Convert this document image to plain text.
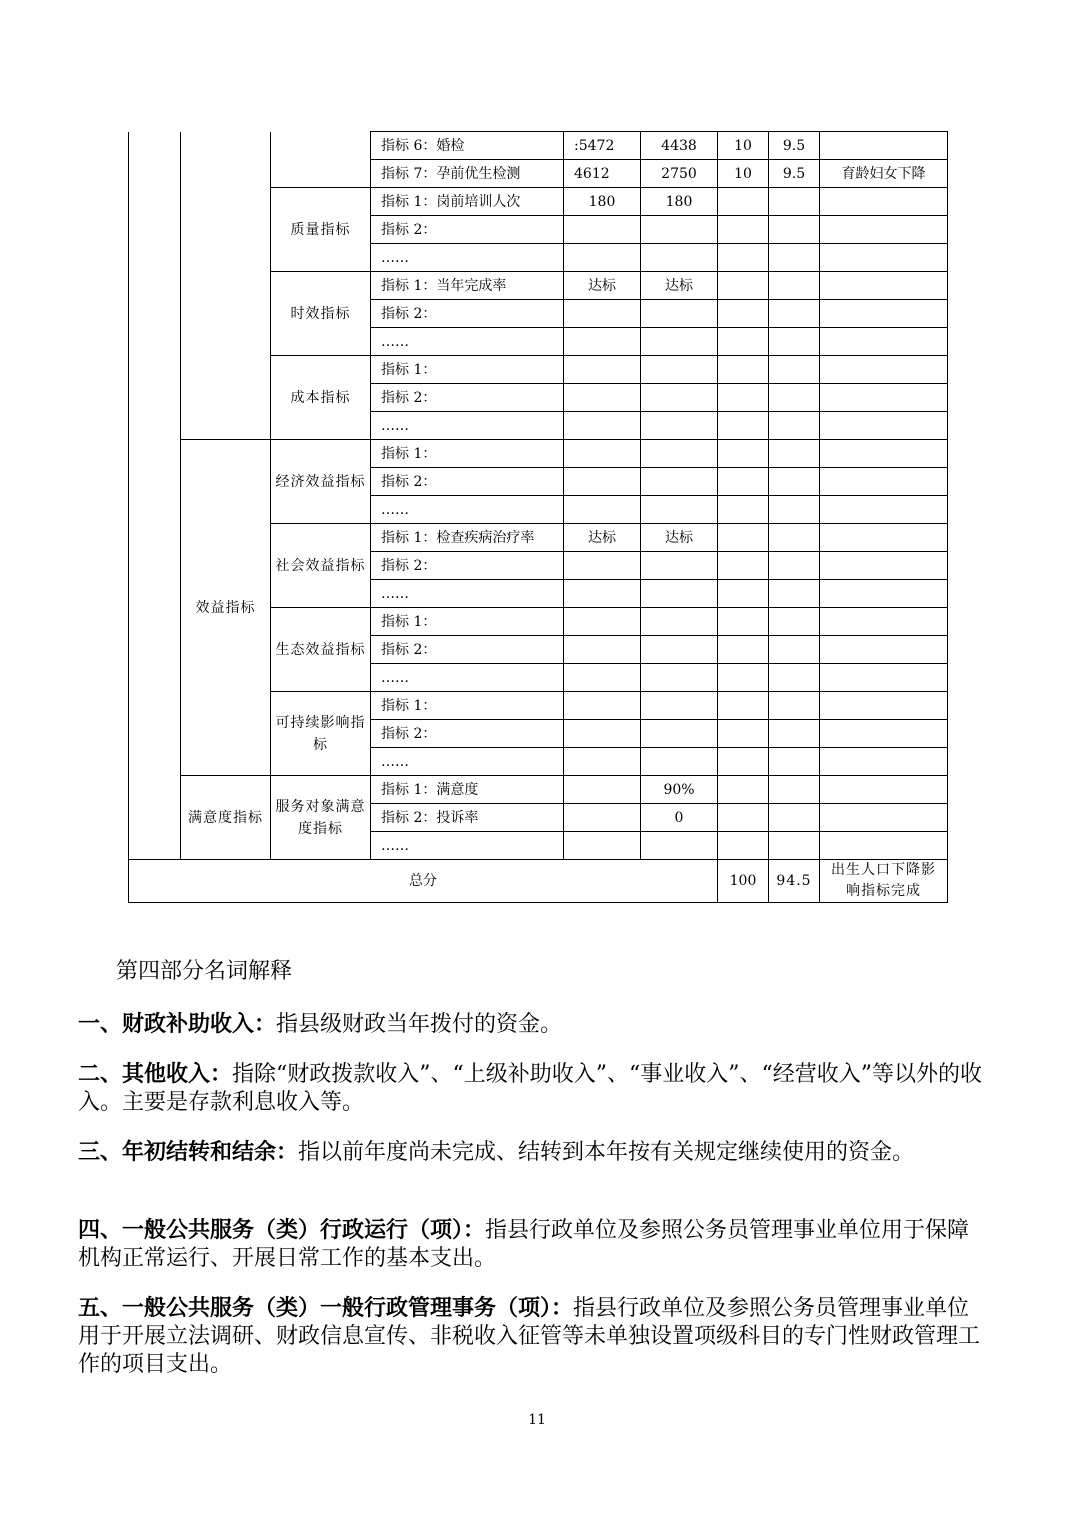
			指标 6：婚检	:5472	4438	10	9.5	
			指标 7：孕前优生检测	4612	2750	10	9.5	育龄妇女下降
		质量指标	指标 1：岗前培训人次	180	180			
			指标 2：					
			……					
		时效指标	指标 1：当年完成率	达标	达标			
			指标 2：					
			……					
		成本指标	指标 1：					
			指标 2：					
			……					
	效益指标	经济效益指标	指标 1：					
			指标 2：					
			……					
		社会效益指标	指标 1：检查疾病治疗率	达标	达标			
			指标 2：					
			……					
		生态效益指标	指标 1：					
			指标 2：					
			……					
		可持续影响指标	指标 1：					
			指标 2：					
			……					
	满意度指标	服务对象满意度指标	指标 1：满意度		90%			
			指标 2：投诉率		0			
			……					
总分						100	94.5	出生人口下降影响指标完成
第四部分名词解释
一、财政补助收入：指县级财政当年拨付的资金。
二、其他收入：指除“财政拨款收入”、“上级补助收入”、“事业收入”、“经营收入”等以外的收入。主要是存款利息收入等。
三、年初结转和结余：指以前年度尚未完成、结转到本年按有关规定继续使用的资金。
四、一般公共服务（类）行政运行（项）：指县行政单位及参照公务员管理事业单位用于保障机构正常运行、开展日常工作的基本支出。
五、一般公共服务（类）一般行政管理事务（项）：指县行政单位及参照公务员管理事业单位用于开展立法调研、财政信息宣传、非税收入征管等未单独设置项级科目的专门性财政管理工作的项目支出。
11
